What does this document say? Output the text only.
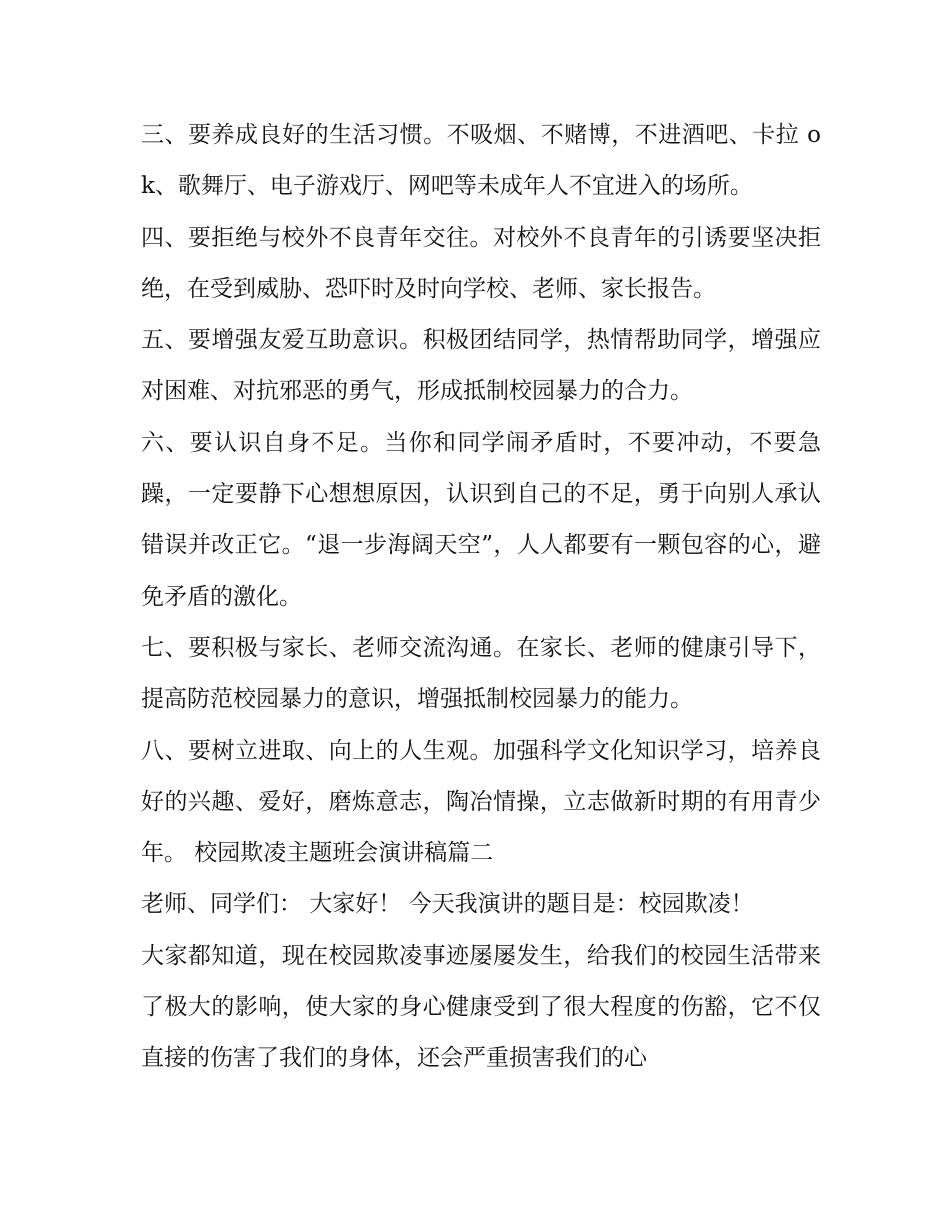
三、要养成良好的生活习惯。不吸烟、不赌博，不进酒吧、卡拉 ok、歌舞厅、电子游戏厅、网吧等未成年人不宜进入的场所。

四、要拒绝与校外不良青年交往。对校外不良青年的引诱要坚决拒绝，在受到威胁、恐吓时及时向学校、老师、家长报告。

五、要增强友爱互助意识。积极团结同学，热情帮助同学，增强应对困难、对抗邪恶的勇气，形成抵制校园暴力的合力。

六、要认识自身不足。当你和同学闹矛盾时，不要冲动，不要急躁，一定要静下心想想原因，认识到自己的不足，勇于向别人承认错误并改正它。“退一步海阔天空”，人人都要有一颗包容的心，避免矛盾的激化。

七、要积极与家长、老师交流沟通。在家长、老师的健康引导下，提高防范校园暴力的意识，增强抵制校园暴力的能力。

八、要树立进取、向上的人生观。加强科学文化知识学习，培养良好的兴趣、爱好，磨炼意志，陶冶情操，立志做新时期的有用青少年。 校园欺凌主题班会演讲稿篇二

老师、同学们： 大家好！ 今天我演讲的题目是：校园欺凌！

大家都知道，现在校园欺凌事迹屡屡发生，给我们的校园生活带来了极大的影响，使大家的身心健康受到了很大程度的伤豁，它不仅直接的伤害了我们的身体，还会严重损害我们的心
